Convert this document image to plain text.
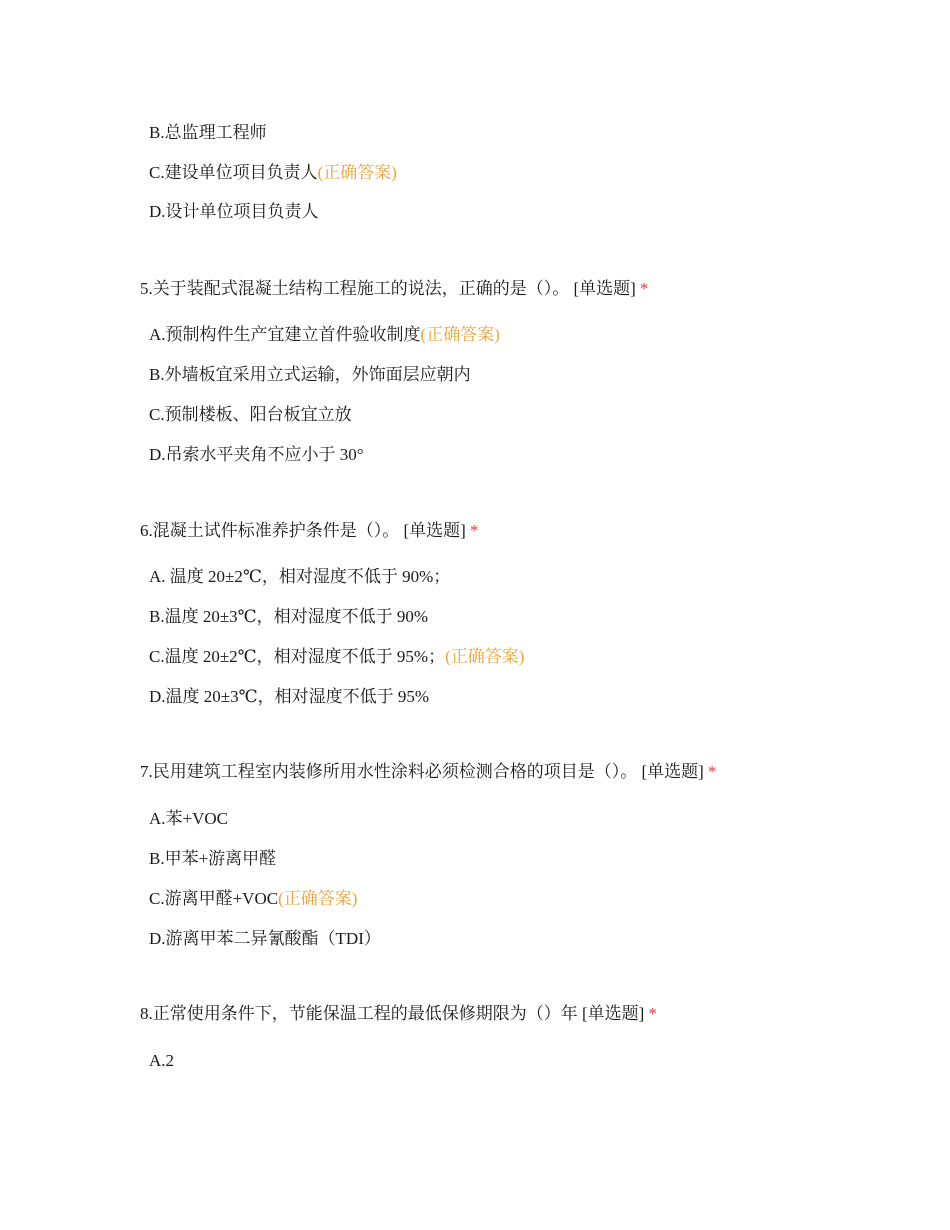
B.总监理工程师
C.建设单位项目负责人(正确答案)
D.设计单位项目负责人
5.关于装配式混凝土结构工程施工的说法，正确的是（）。 [单选题] *
A.预制构件生产宜建立首件验收制度(正确答案)
B.外墙板宜采用立式运输，外饰面层应朝内
C.预制楼板、阳台板宜立放
D.吊索水平夹角不应小于 30°
6.混凝土试件标准养护条件是（）。 [单选题] *
A. 温度 20±2℃，相对湿度不低于 90%；
B.温度 20±3℃，相对湿度不低于 90%
C.温度 20±2℃，相对湿度不低于 95%；(正确答案)
D.温度 20±3℃，相对湿度不低于 95%
7.民用建筑工程室内装修所用水性涂料必须检测合格的项目是（）。 [单选题] *
A.苯+VOC
B.甲苯+游离甲醛
C.游离甲醛+VOC(正确答案)
D.游离甲苯二异氰酸酯（TDI）
8.正常使用条件下，节能保温工程的最低保修期限为（）年 [单选题] *
A.2
